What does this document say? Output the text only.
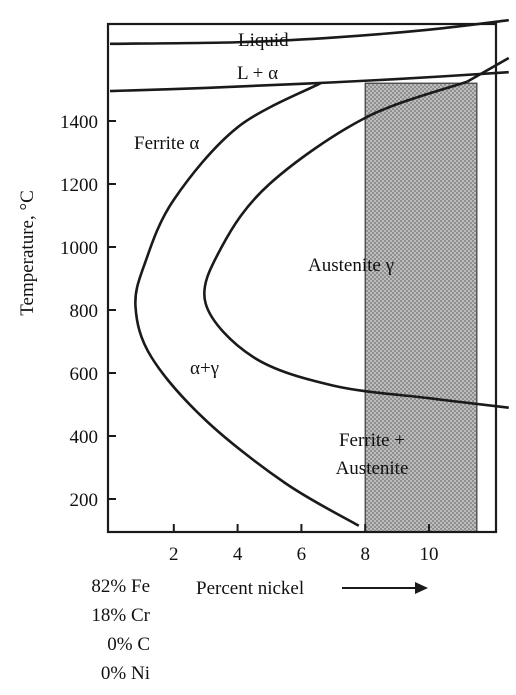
2	4	6	8	10
200
400
600
800
1000
1200
1400
Liquid
L + α
Ferrite α
Austenite γ
α+γ
Ferrite +
Austenite
Temperature, °C
Percent nickel
82% Fe
18% Cr
0% C
0% Ni
